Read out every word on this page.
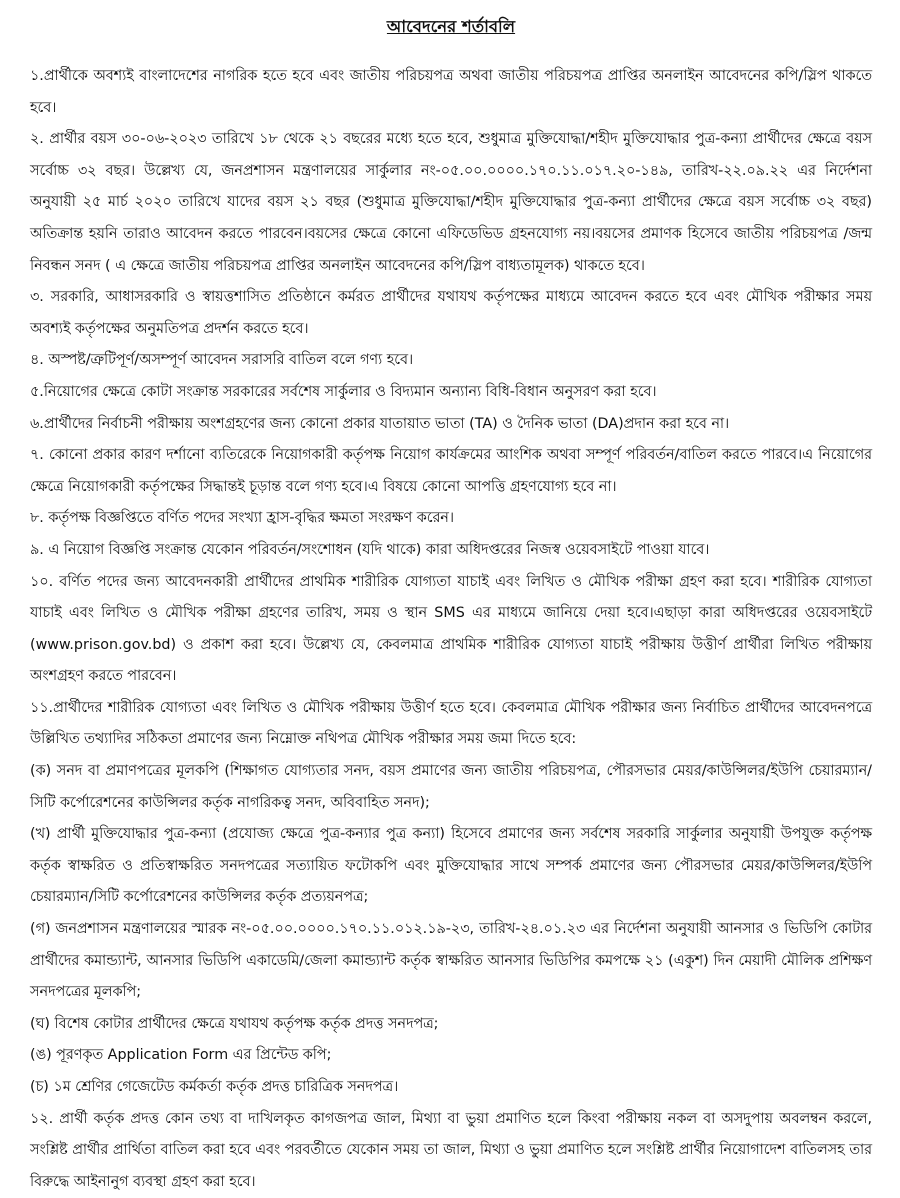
আবেদনের শর্তাবলি

১.প্রার্থীকে অবশ্যই বাংলাদেশের নাগরিক হতে হবে এবং জাতীয় পরিচয়পত্র অথবা জাতীয় পরিচয়পত্র প্রাপ্তির অনলাইন আবেদনের কপি/স্লিপ থাকতে হবে।

২. প্রার্থীর বয়স ৩০-০৬-২০২৩ তারিখে ১৮ থেকে ২১ বছরের মধ্যে হতে হবে, শুধুমাত্র মুক্তিযোদ্ধা/শহীদ মুক্তিযোদ্ধার পুত্র-কন্যা প্রার্থীদের ক্ষেত্রে বয়স সর্বোচ্চ ৩২ বছর। উল্লেখ্য যে, জনপ্রশাসন মন্ত্রণালয়ের সার্কুলার নং-০৫.০০.০০০০.১৭০.১১.০১৭.২০-১৪৯, তারিখ-২২.০৯.২২ এর নির্দেশনা অনুযায়ী ২৫ মার্চ ২০২০ তারিখে যাদের বয়স ২১ বছর (শুধুমাত্র মুক্তিযোদ্ধা/শহীদ মুক্তিযোদ্ধার পুত্র-কন্যা প্রার্থীদের ক্ষেত্রে বয়স সর্বোচ্চ ৩২ বছর) অতিক্রান্ত হয়নি তারাও আবেদন করতে পারবেন।বয়সের ক্ষেত্রে কোনো এফিডেভিড গ্রহনযোগ্য নয়।বয়সের প্রমাণক হিসেবে জাতীয় পরিচয়পত্র /জন্ম নিবন্ধন সনদ ( এ ক্ষেত্রে জাতীয় পরিচয়পত্র প্রাপ্তির অনলাইন আবেদনের কপি/স্লিপ বাধ্যতামূলক) থাকতে হবে।

৩. সরকারি, আধাসরকারি ও স্বায়ত্তশাসিত প্রতিষ্ঠানে কর্মরত প্রার্থীদের যথাযথ কর্তৃপক্ষের মাধ্যমে আবেদন করতে হবে এবং মৌখিক পরীক্ষার সময় অবশ্যই কর্তৃপক্ষের অনুমতিপত্র প্রদর্শন করতে হবে।

৪. অস্পষ্ট/ত্রুটিপূর্ণ/অসম্পূর্ণ আবেদন সরাসরি বাতিল বলে গণ্য হবে।

৫.নিয়োগের ক্ষেত্রে কোটা সংক্রান্ত সরকারের সর্বশেষ সার্কুলার ও বিদ্যমান অন্যান্য বিধি-বিধান অনুসরণ করা হবে।

৬.প্রার্থীদের নির্বাচনী পরীক্ষায় অংশগ্রহণের জন্য কোনো প্রকার যাতায়াত ভাতা (TA) ও দৈনিক ভাতা (DA)প্রদান করা হবে না।

৭. কোনো প্রকার কারণ দর্শানো ব্যতিরেকে নিয়োগকারী কর্তৃপক্ষ নিয়োগ কার্যক্রমের আংশিক অথবা সম্পূর্ণ পরিবর্তন/বাতিল করতে পারবে।এ নিয়োগের ক্ষেত্রে নিয়োগকারী কর্তৃপক্ষের সিদ্ধান্তই চূড়ান্ত বলে গণ্য হবে।এ বিষয়ে কোনো আপত্তি গ্রহণযোগ্য হবে না।

৮. কর্তৃপক্ষ বিজ্ঞপ্তিতে বর্ণিত পদের সংখ্যা হ্রাস-বৃদ্ধির ক্ষমতা সংরক্ষণ করেন।

৯. এ নিয়োগ বিজ্ঞপ্তি সংক্রান্ত যেকোন পরিবর্তন/সংশোধন (যদি থাকে) কারা অধিদপ্তরের নিজস্ব ওয়েবসাইটে পাওয়া যাবে।

১০. বর্ণিত পদের জন্য আবেদনকারী প্রার্থীদের প্রাথমিক শারীরিক যোগ্যতা যাচাই এবং লিখিত ও মৌখিক পরীক্ষা গ্রহণ করা হবে। শারীরিক যোগ্যতা যাচাই এবং লিখিত ও মৌখিক পরীক্ষা গ্রহণের তারিখ, সময় ও স্থান SMS এর মাধ্যমে জানিয়ে দেয়া হবে।এছাড়া কারা অধিদপ্তরের ওয়েবসাইটে (www.prison.gov.bd) ও প্রকাশ করা হবে। উল্লেখ্য যে, কেবলমাত্র প্রাথমিক শারীরিক যোগ্যতা যাচাই পরীক্ষায় উত্তীর্ণ প্রার্থীরা লিখিত পরীক্ষায় অংশগ্রহণ করতে পারবেন।

১১.প্রার্থীদের শারীরিক যোগ্যতা এবং লিখিত ও মৌখিক পরীক্ষায় উত্তীর্ণ হতে হবে। কেবলমাত্র মৌখিক পরীক্ষার জন্য নির্বাচিত প্রার্থীদের আবেদনপত্রে উল্লিখিত তথ্যাদির সঠিকতা প্রমাণের জন্য নিম্নোক্ত নথিপত্র মৌখিক পরীক্ষার সময় জমা দিতে হবে:

(ক) সনদ বা প্রমাণপত্রের মূলকপি (শিক্ষাগত যোগ্যতার সনদ, বয়স প্রমাণের জন্য জাতীয় পরিচয়পত্র, পৌরসভার মেয়র/কাউন্সিলর/ইউপি চেয়ারম্যান/সিটি কর্পোরেশনের কাউন্সিলর কর্তৃক নাগরিকত্ব সনদ, অবিবাহিত সনদ);

(খ) প্রার্থী মুক্তিযোদ্ধার পুত্র-কন্যা (প্রযোজ্য ক্ষেত্রে পুত্র-কন্যার পুত্র কন্যা) হিসেবে প্রমাণের জন্য সর্বশেষ সরকারি সার্কুলার অনুযায়ী উপযুক্ত কর্তৃপক্ষ কর্তৃক স্বাক্ষরিত ও প্রতিস্বাক্ষরিত সনদপত্রের সত্যায়িত ফটোকপি এবং মুক্তিযোদ্ধার সাথে সম্পর্ক প্রমাণের জন্য পৌরসভার মেয়র/কাউন্সিলর/ইউপি চেয়ারম্যান/সিটি কর্পোরেশনের কাউন্সিলর কর্তৃক প্রত্যয়নপত্র;

(গ) জনপ্রশাসন মন্ত্রণালয়ের স্মারক নং-০৫.০০.০০০০.১৭০.১১.০১২.১৯-২৩, তারিখ-২৪.০১.২৩ এর নির্দেশনা অনুযায়ী আনসার ও ভিডিপি কোটার প্রার্থীদের কমান্ড্যান্ট, আনসার ভিডিপি একাডেমি/জেলা কমান্ড্যান্ট কর্তৃক স্বাক্ষরিত আনসার ভিডিপির কমপক্ষে ২১ (একুশ) দিন মেয়াদী মৌলিক প্রশিক্ষণ সনদপত্রের মূলকপি;

(ঘ) বিশেষ কোটার প্রার্থীদের ক্ষেত্রে যথাযথ কর্তৃপক্ষ কর্তৃক প্রদত্ত সনদপত্র;

(ঙ) পূরণকৃত Application Form এর প্রিন্টেড কপি;

(চ) ১ম শ্রেণির গেজেটেড কর্মকর্তা কর্তৃক প্রদত্ত চারিত্রিক সনদপত্র।

১২. প্রার্থী কর্তৃক প্রদত্ত কোন তথ্য বা দাখিলকৃত কাগজপত্র জাল, মিথ্যা বা ভুয়া প্রমাণিত হলে কিংবা পরীক্ষায় নকল বা অসদুপায় অবলম্বন করলে, সংশ্লিষ্ট প্রার্থীর প্রার্থিতা বাতিল করা হবে এবং পরবর্তীতে যেকোন সময় তা জাল, মিথ্যা ও ভুয়া প্রমাণিত হলে সংশ্লিষ্ট প্রার্থীর নিয়োগাদেশ বাতিলসহ তার বিরুদ্ধে আইনানুগ ব্যবস্থা গ্রহণ করা হবে।
